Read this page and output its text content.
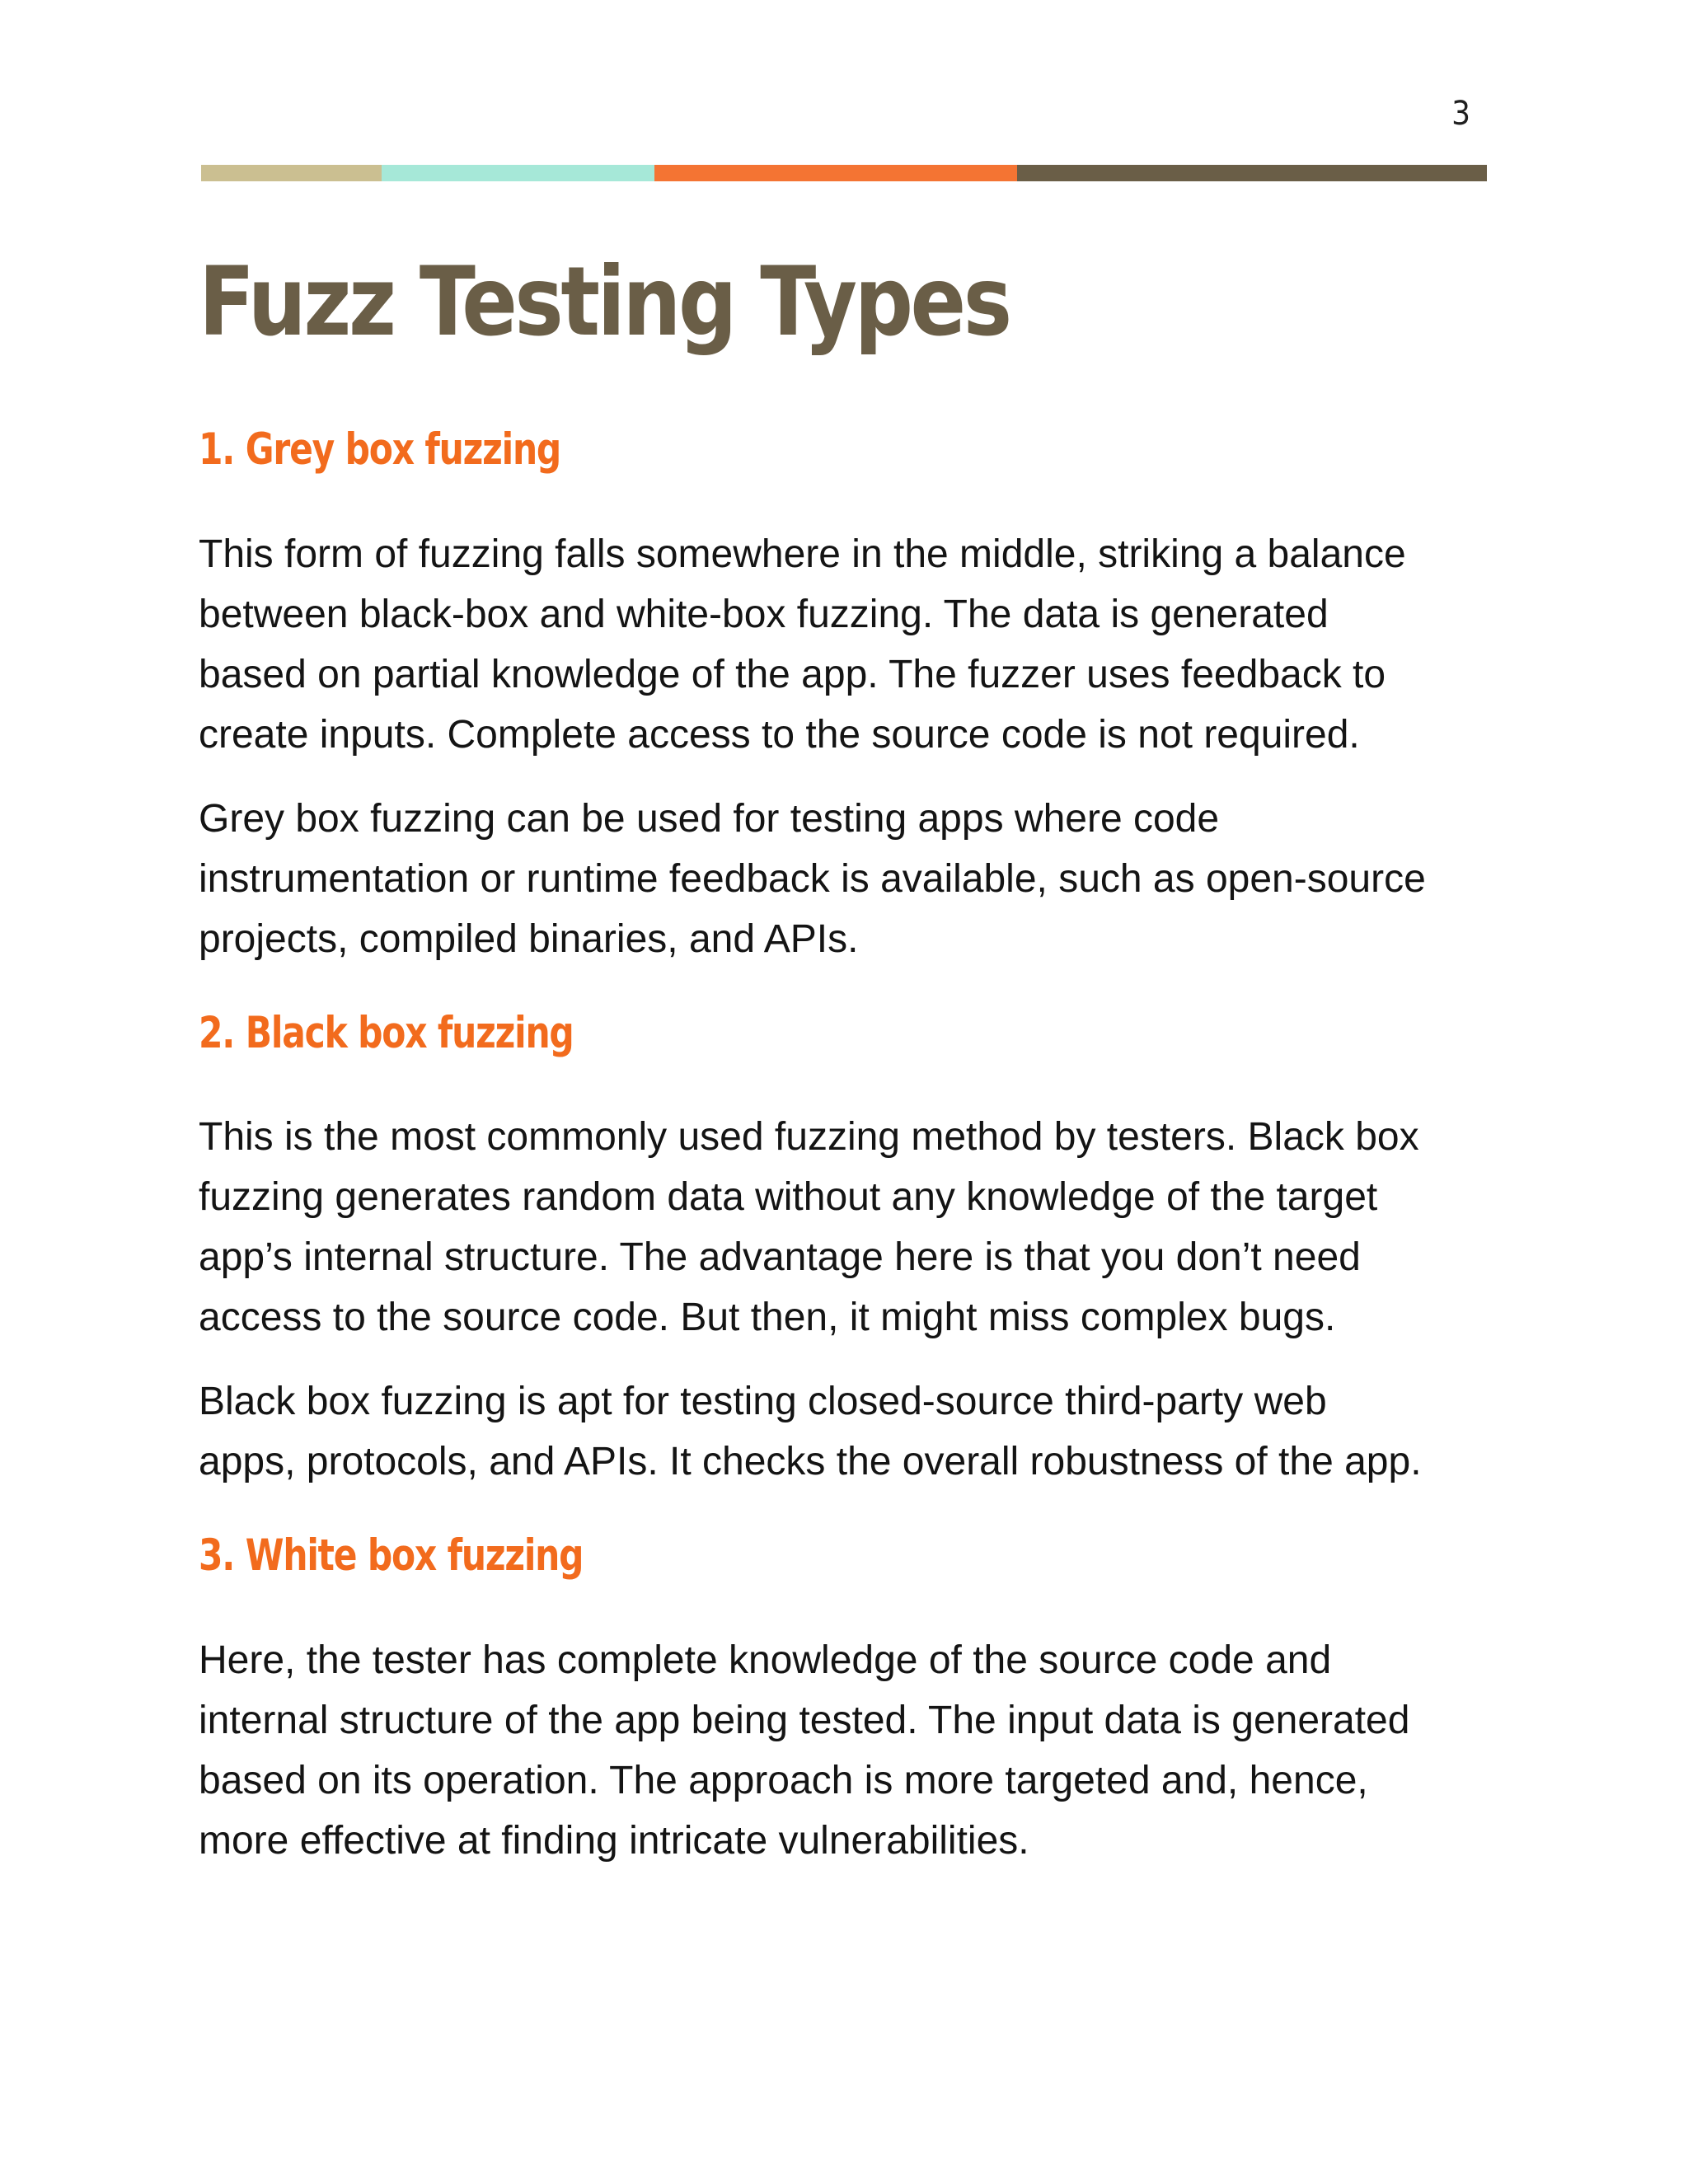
3
Fuzz Testing Types
1. Grey box fuzzing

This form of fuzzing falls somewhere in the middle, striking a balance
between black-box and white-box fuzzing. The data is generated
based on partial knowledge of the app. The fuzzer uses feedback to
create inputs. Complete access to the source code is not required.

Grey box fuzzing can be used for testing apps where code
instrumentation or runtime feedback is available, such as open-source
projects, compiled binaries, and APIs.

2. Black box fuzzing

This is the most commonly used fuzzing method by testers. Black box
fuzzing generates random data without any knowledge of the target
app’s internal structure. The advantage here is that you don’t need
access to the source code. But then, it might miss complex bugs.

Black box fuzzing is apt for testing closed-source third-party web
apps, protocols, and APIs. It checks the overall robustness of the app.

3. White box fuzzing

Here, the tester has complete knowledge of the source code and
internal structure of the app being tested. The input data is generated
based on its operation. The approach is more targeted and, hence,
more effective at finding intricate vulnerabilities.
